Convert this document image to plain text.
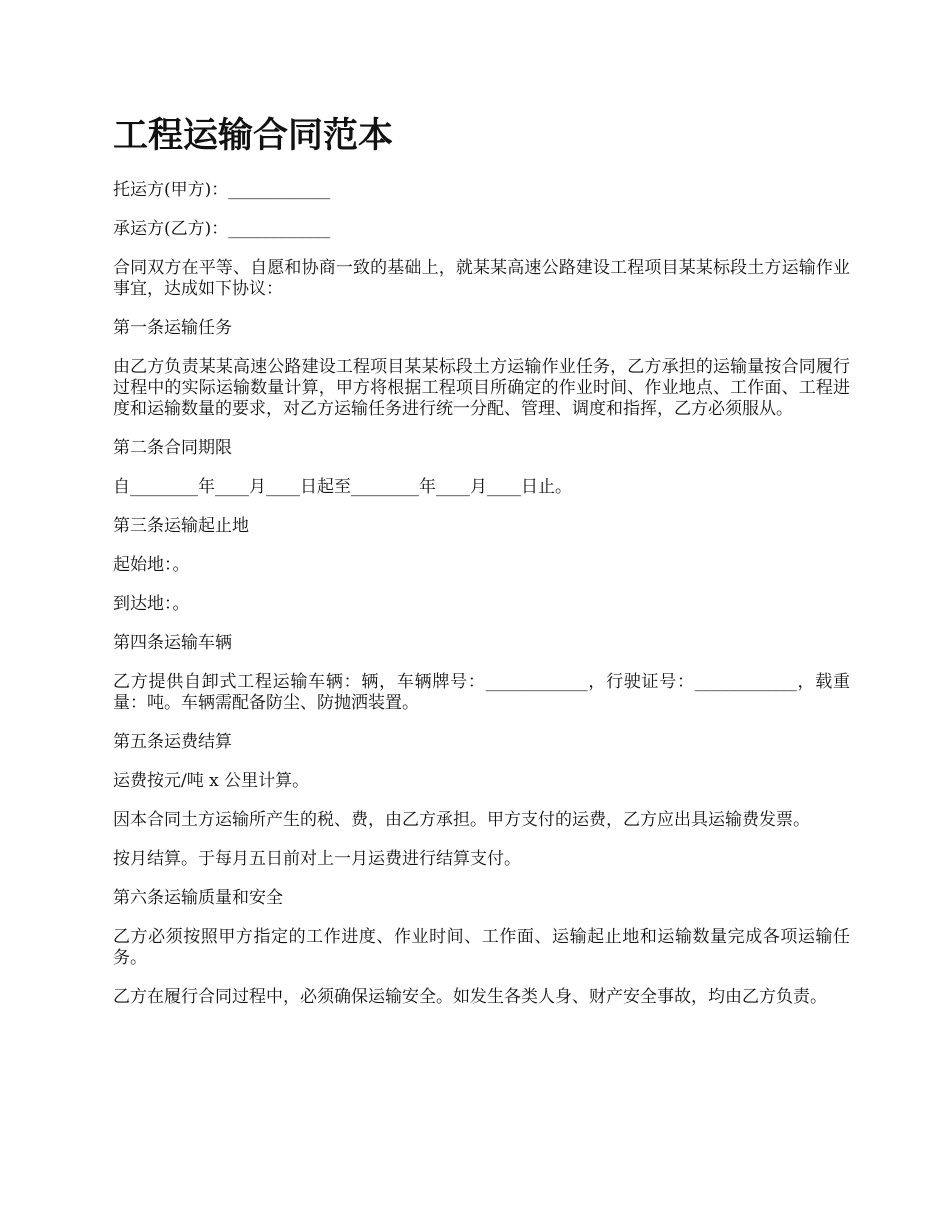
工程运输合同范本
托运方(甲方)：____________
承运方(乙方)：____________
合同双方在平等、自愿和协商一致的基础上，就某某高速公路建设工程项目某某标段土方运输作业事宜，达成如下协议：
第一条运输任务
由乙方负责某某高速公路建设工程项目某某标段土方运输作业任务，乙方承担的运输量按合同履行过程中的实际运输数量计算，甲方将根据工程项目所确定的作业时间、作业地点、工作面、工程进度和运输数量的要求，对乙方运输任务进行统一分配、管理、调度和指挥，乙方必须服从。
第二条合同期限
自________年____月____日起至________年____月____日止。
第三条运输起止地
起始地：。
到达地：。
第四条运输车辆
乙方提供自卸式工程运输车辆：辆，车辆牌号：____________，行驶证号：____________，载重量：吨。车辆需配备防尘、防抛洒装置。
第五条运费结算
运费按元/吨 x 公里计算。
因本合同土方运输所产生的税、费，由乙方承担。甲方支付的运费，乙方应出具运输费发票。
按月结算。于每月五日前对上一月运费进行结算支付。
第六条运输质量和安全
乙方必须按照甲方指定的工作进度、作业时间、工作面、运输起止地和运输数量完成各项运输任务。
乙方在履行合同过程中，必须确保运输安全。如发生各类人身、财产安全事故，均由乙方负责。
